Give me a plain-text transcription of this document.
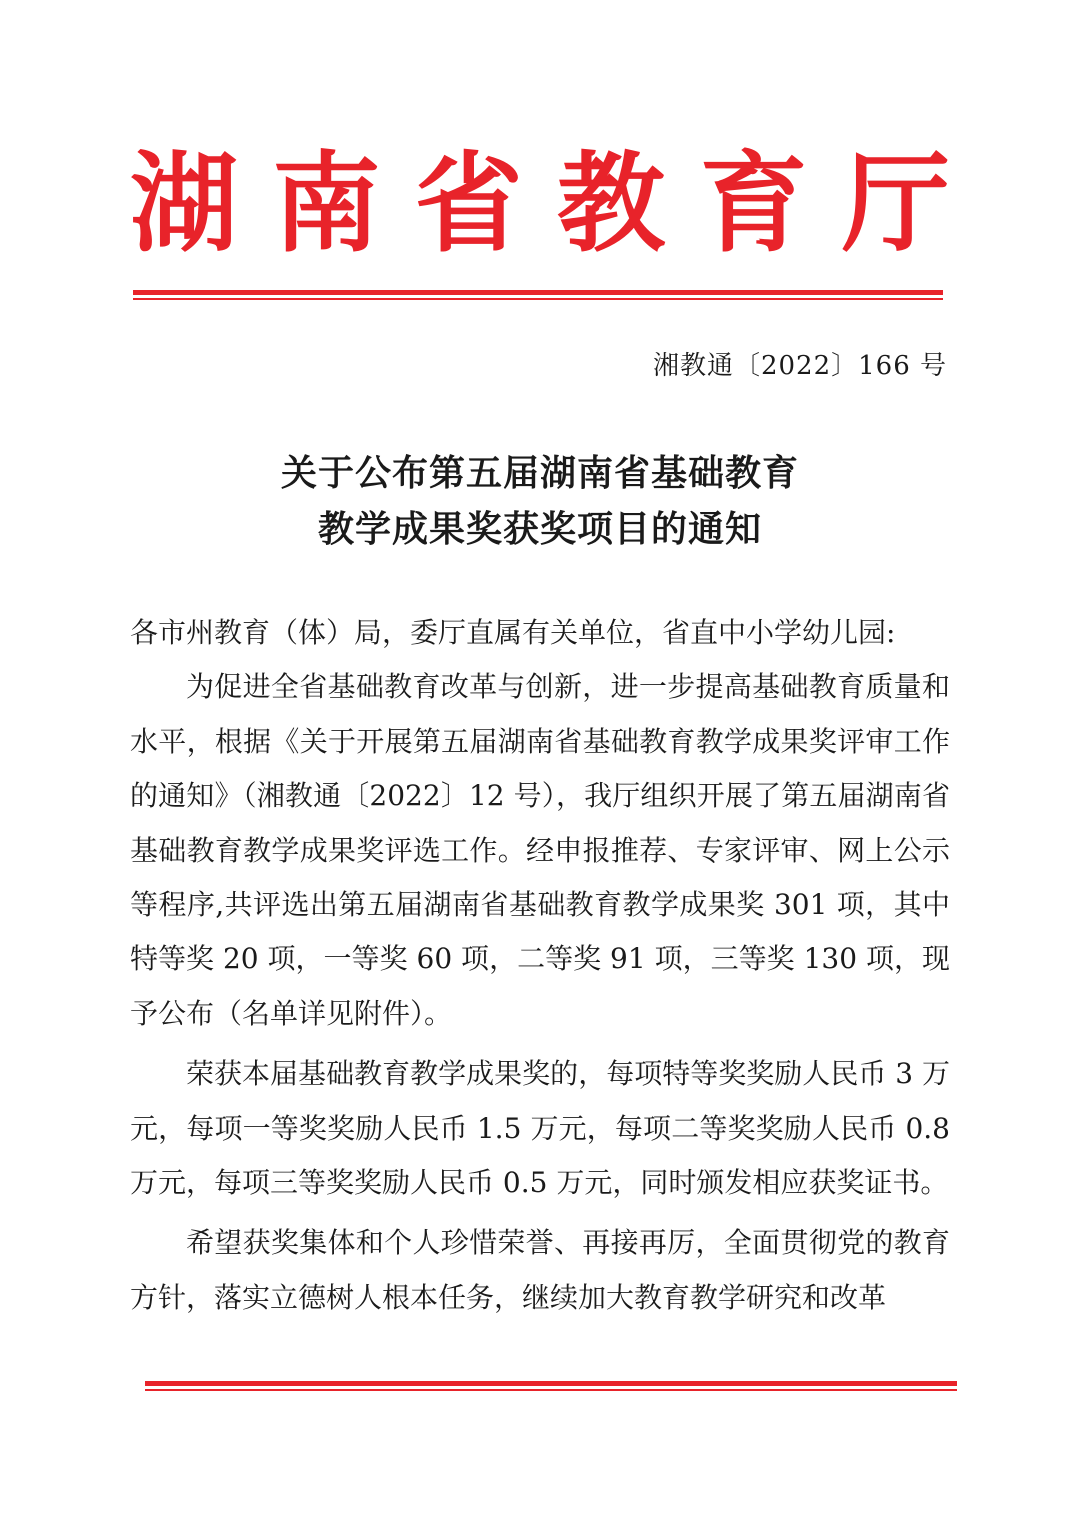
湖 南 省 教 育 厅
湘教通〔2022〕166 号
关于公布第五届湖南省基础教育
教学成果奖获奖项目的通知

各市州教育（体）局，委厅直属有关单位，省直中小学幼儿园:

为促进全省基础教育改革与创新，进一步提高基础教育质量和水平，根据《关于开展第五届湖南省基础教育教学成果奖评审工作的通知》（湘教通〔2022〕12 号），我厅组织开展了第五届湖南省基础教育教学成果奖评选工作。经申报推荐、专家评审、网上公示等程序,共评选出第五届湖南省基础教育教学成果奖 301 项，其中特等奖 20 项，一等奖 60 项，二等奖 91 项，三等奖 130 项，现予公布（名单详见附件）。

荣获本届基础教育教学成果奖的，每项特等奖奖励人民币 3 万元，每项一等奖奖励人民币 1.5 万元，每项二等奖奖励人民币 0.8 万元，每项三等奖奖励人民币 0.5 万元，同时颁发相应获奖证书。

希望获奖集体和个人珍惜荣誉、再接再厉，全面贯彻党的教育方针，落实立德树人根本任务，继续加大教育教学研究和改革
